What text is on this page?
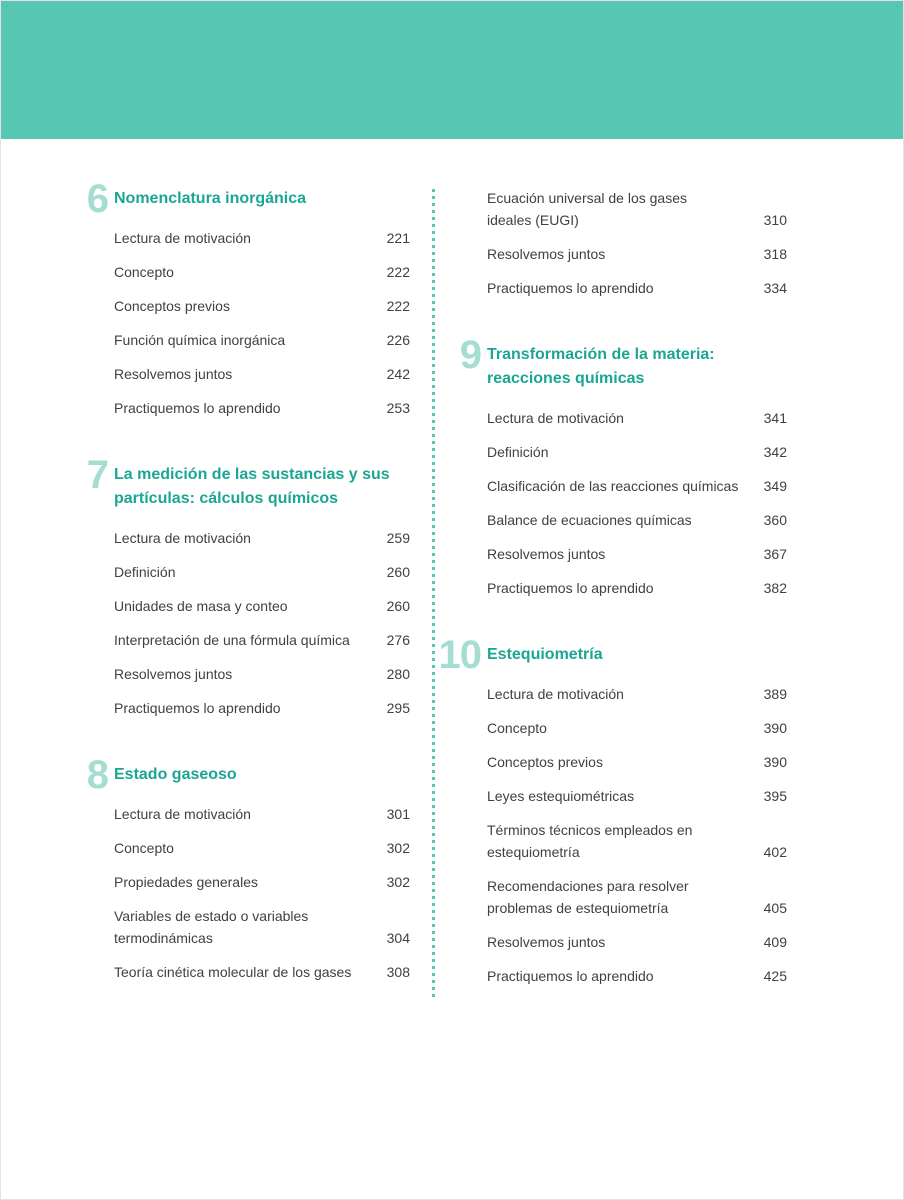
6 Nomenclatura inorgánica
Lectura de motivación	221
Concepto	222
Conceptos previos	222
Función química inorgánica	226
Resolvemos juntos	242
Practiquemos lo aprendido	253
7 La medición de las sustancias y sus partículas: cálculos químicos
Lectura de motivación	259
Definición	260
Unidades de masa y conteo	260
Interpretación de una fórmula química	276
Resolvemos juntos	280
Practiquemos lo aprendido	295
8 Estado gaseoso
Lectura de motivación	301
Concepto	302
Propiedades generales	302
Variables de estado o variables termodinámicas	304
Teoría cinética molecular de los gases	308
Ecuación universal de los gases ideales (EUGI)	310
Resolvemos juntos	318
Practiquemos lo aprendido	334
9 Transformación de la materia: reacciones químicas
Lectura de motivación	341
Definición	342
Clasificación de las reacciones químicas 349
Balance de ecuaciones químicas	360
Resolvemos juntos	367
Practiquemos lo aprendido	382
10 Estequiometría
Lectura de motivación	389
Concepto	390
Conceptos previos	390
Leyes estequiométricas	395
Términos técnicos empleados en estequiometría	402
Recomendaciones para resolver problemas de estequiometría	405
Resolvemos juntos	409
Practiquemos lo aprendido	425
